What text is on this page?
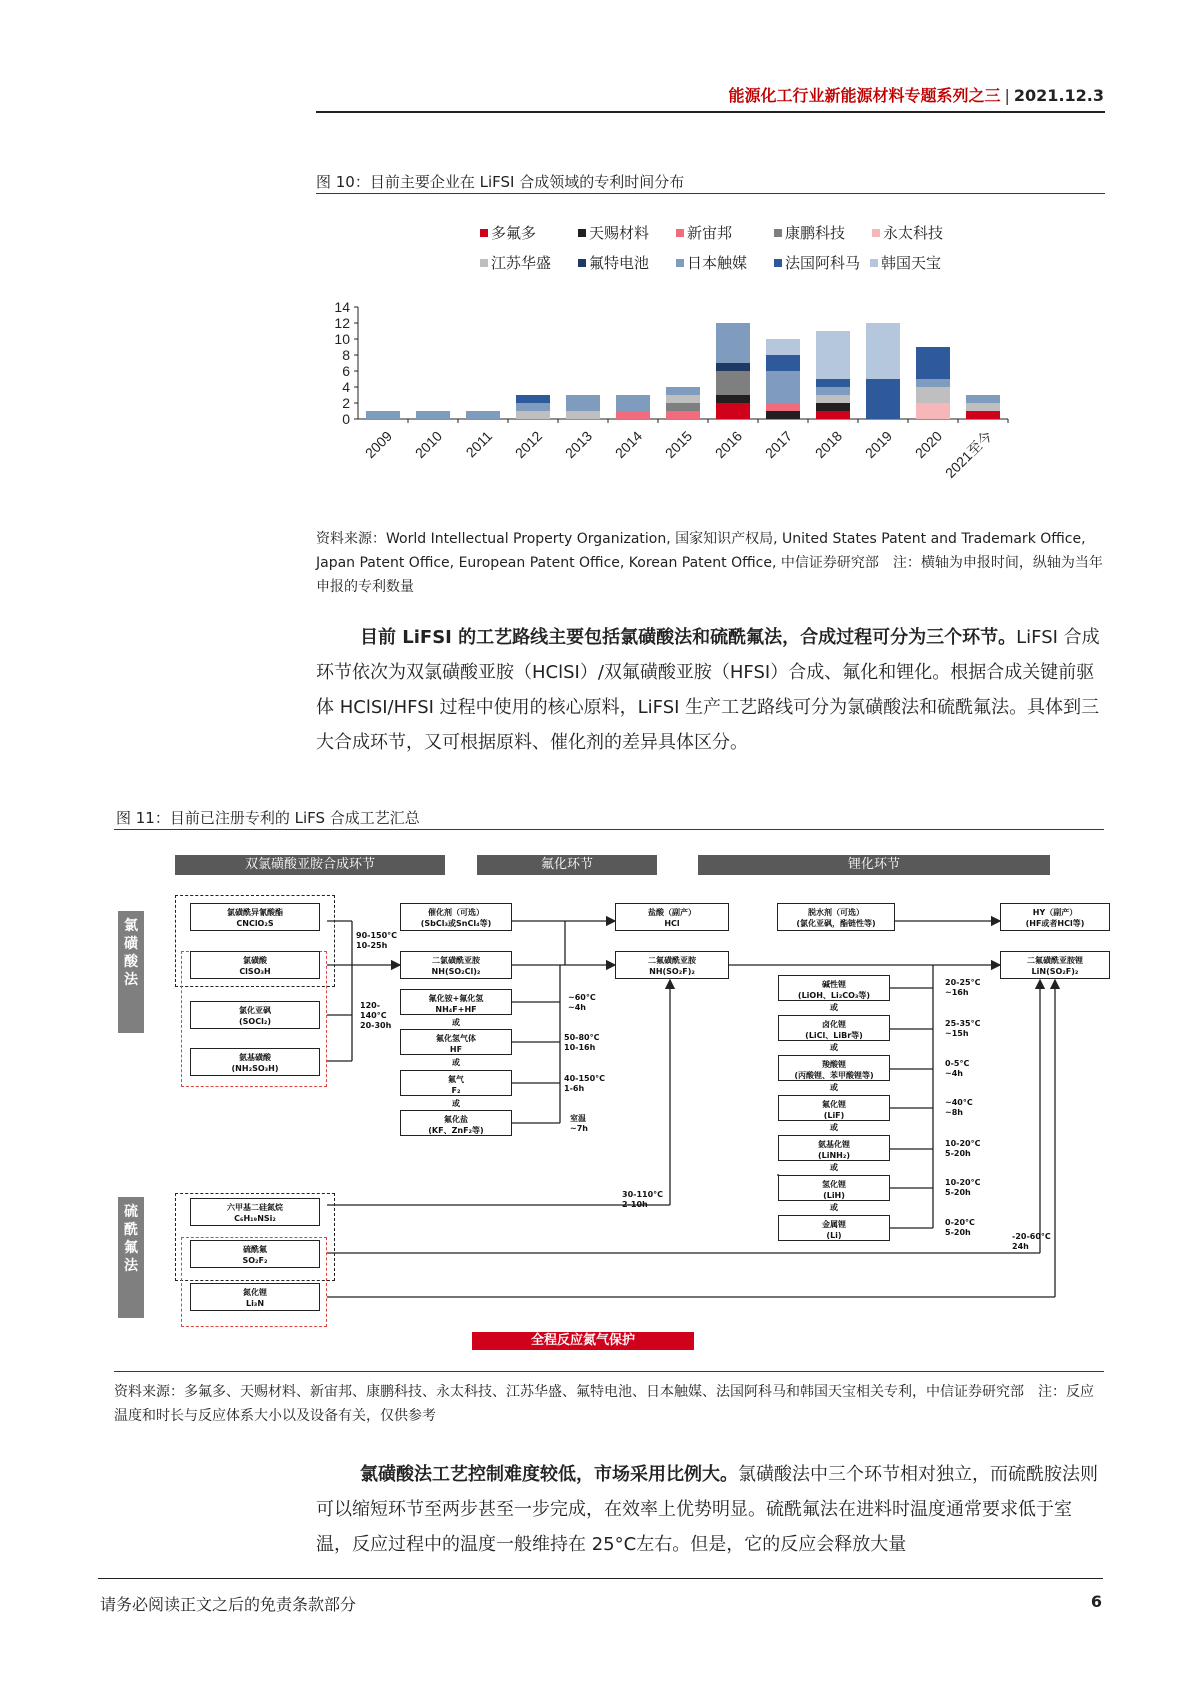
能源化工行业新能源材料专题系列之三 | 2021.12.3
图 10：目前主要企业在 LiFSI 合成领域的专利时间分布
多氟多	天赐材料	新宙邦	康鹏科技	永太科技
江苏华盛	氟特电池	日本触媒	法国阿科马	韩国天宝
0
2
4
6
8
10
12
14
2009 2010 2011 2012 2013 2014 2015 2016 2017 2018 2019 2020
2021至今
资料来源：World Intellectual Property Organization, 国家知识产权局, United States Patent and Trademark Office, Japan Patent Office, European Patent Office, Korean Patent Office, 中信证券研究部　注：横轴为申报时间，纵轴为当年申报的专利数量
目前 LiFSI 的工艺路线主要包括氯磺酸法和硫酰氟法，合成过程可分为三个环节。LiFSI 合成环节依次为双氯磺酸亚胺（HClSI）/双氟磺酸亚胺（HFSI）合成、氟化和锂化。根据合成关键前驱体 HClSI/HFSI 过程中使用的核心原料，LiFSI 生产工艺路线可分为氯磺酸法和硫酰氟法。具体到三大合成环节，又可根据原料、催化剂的差异具体区分。
图 11：目前已注册专利的 LiFS 合成工艺汇总
双氯磺酸亚胺合成环节	氟化环节	锂化环节
氯磺酸法
硫酰氟法
氯磺酰异氰酸酯
CNClO₂S
氯磺酸
ClSO₃H
氯化亚砜
(SOCl₂)
氨基磺酸
(NH₂SO₃H)
90-150°C
10-25h
120-
140°C
20-30h
催化剂（可选）
(SbCl₃或SnCl₄等)
二氯磺酰亚胺
NH(SO₂Cl)₂
氟化铵+氟化氢
NH₄F+HF
或
氟化氢气体
HF
或
氟气
F₂
或
氟化盐
(KF、ZnF₂等)
~60°C
~4h
50-80°C
10-16h
40-150°C
1-6h
室温
~7h
盐酸（副产）
HCl
二氟磺酰亚胺
NH(SO₂F)₂
脱水剂（可选）
(氯化亚砜，酯链性等)
碱性锂
(LiOH、Li₂CO₃等)
或
卤化锂
(LiCl、LiBr等)
或
羧酸锂
(丙酸锂、苯甲酸锂等)
或
氟化锂
(LiF)
或
氨基化锂
(LiNH₂)
或
氢化锂
(LiH)
或
金属锂
(Li)
20-25°C
~16h
25-35°C
~15h
0-5°C
~4h
~40°C
~8h
10-20°C
5-20h
10-20°C
5-20h
0-20°C
5-20h
30-110°C
2-10h
-20-60°C
24h
HY（副产）
(HF或者HCl等)
二氟磺酰亚胺锂
LiN(SO₂F)₂
六甲基二硅氮烷
C₆H₁₉NSi₂
硫酰氟
SO₂F₂
氮化锂
Li₃N
全程反应氮气保护
资料来源：多氟多、天赐材料、新宙邦、康鹏科技、永太科技、江苏华盛、氟特电池、日本触媒、法国阿科马和韩国天宝相关专利，中信证券研究部　注：反应温度和时长与反应体系大小以及设备有关，仅供参考
氯磺酸法工艺控制难度较低，市场采用比例大。氯磺酸法中三个环节相对独立，而硫酰胺法则可以缩短环节至两步甚至一步完成，在效率上优势明显。硫酰氟法在进料时温度通常要求低于室温，反应过程中的温度一般维持在 25°C左右。但是，它的反应会释放大量
请务必阅读正文之后的免责条款部分	6
